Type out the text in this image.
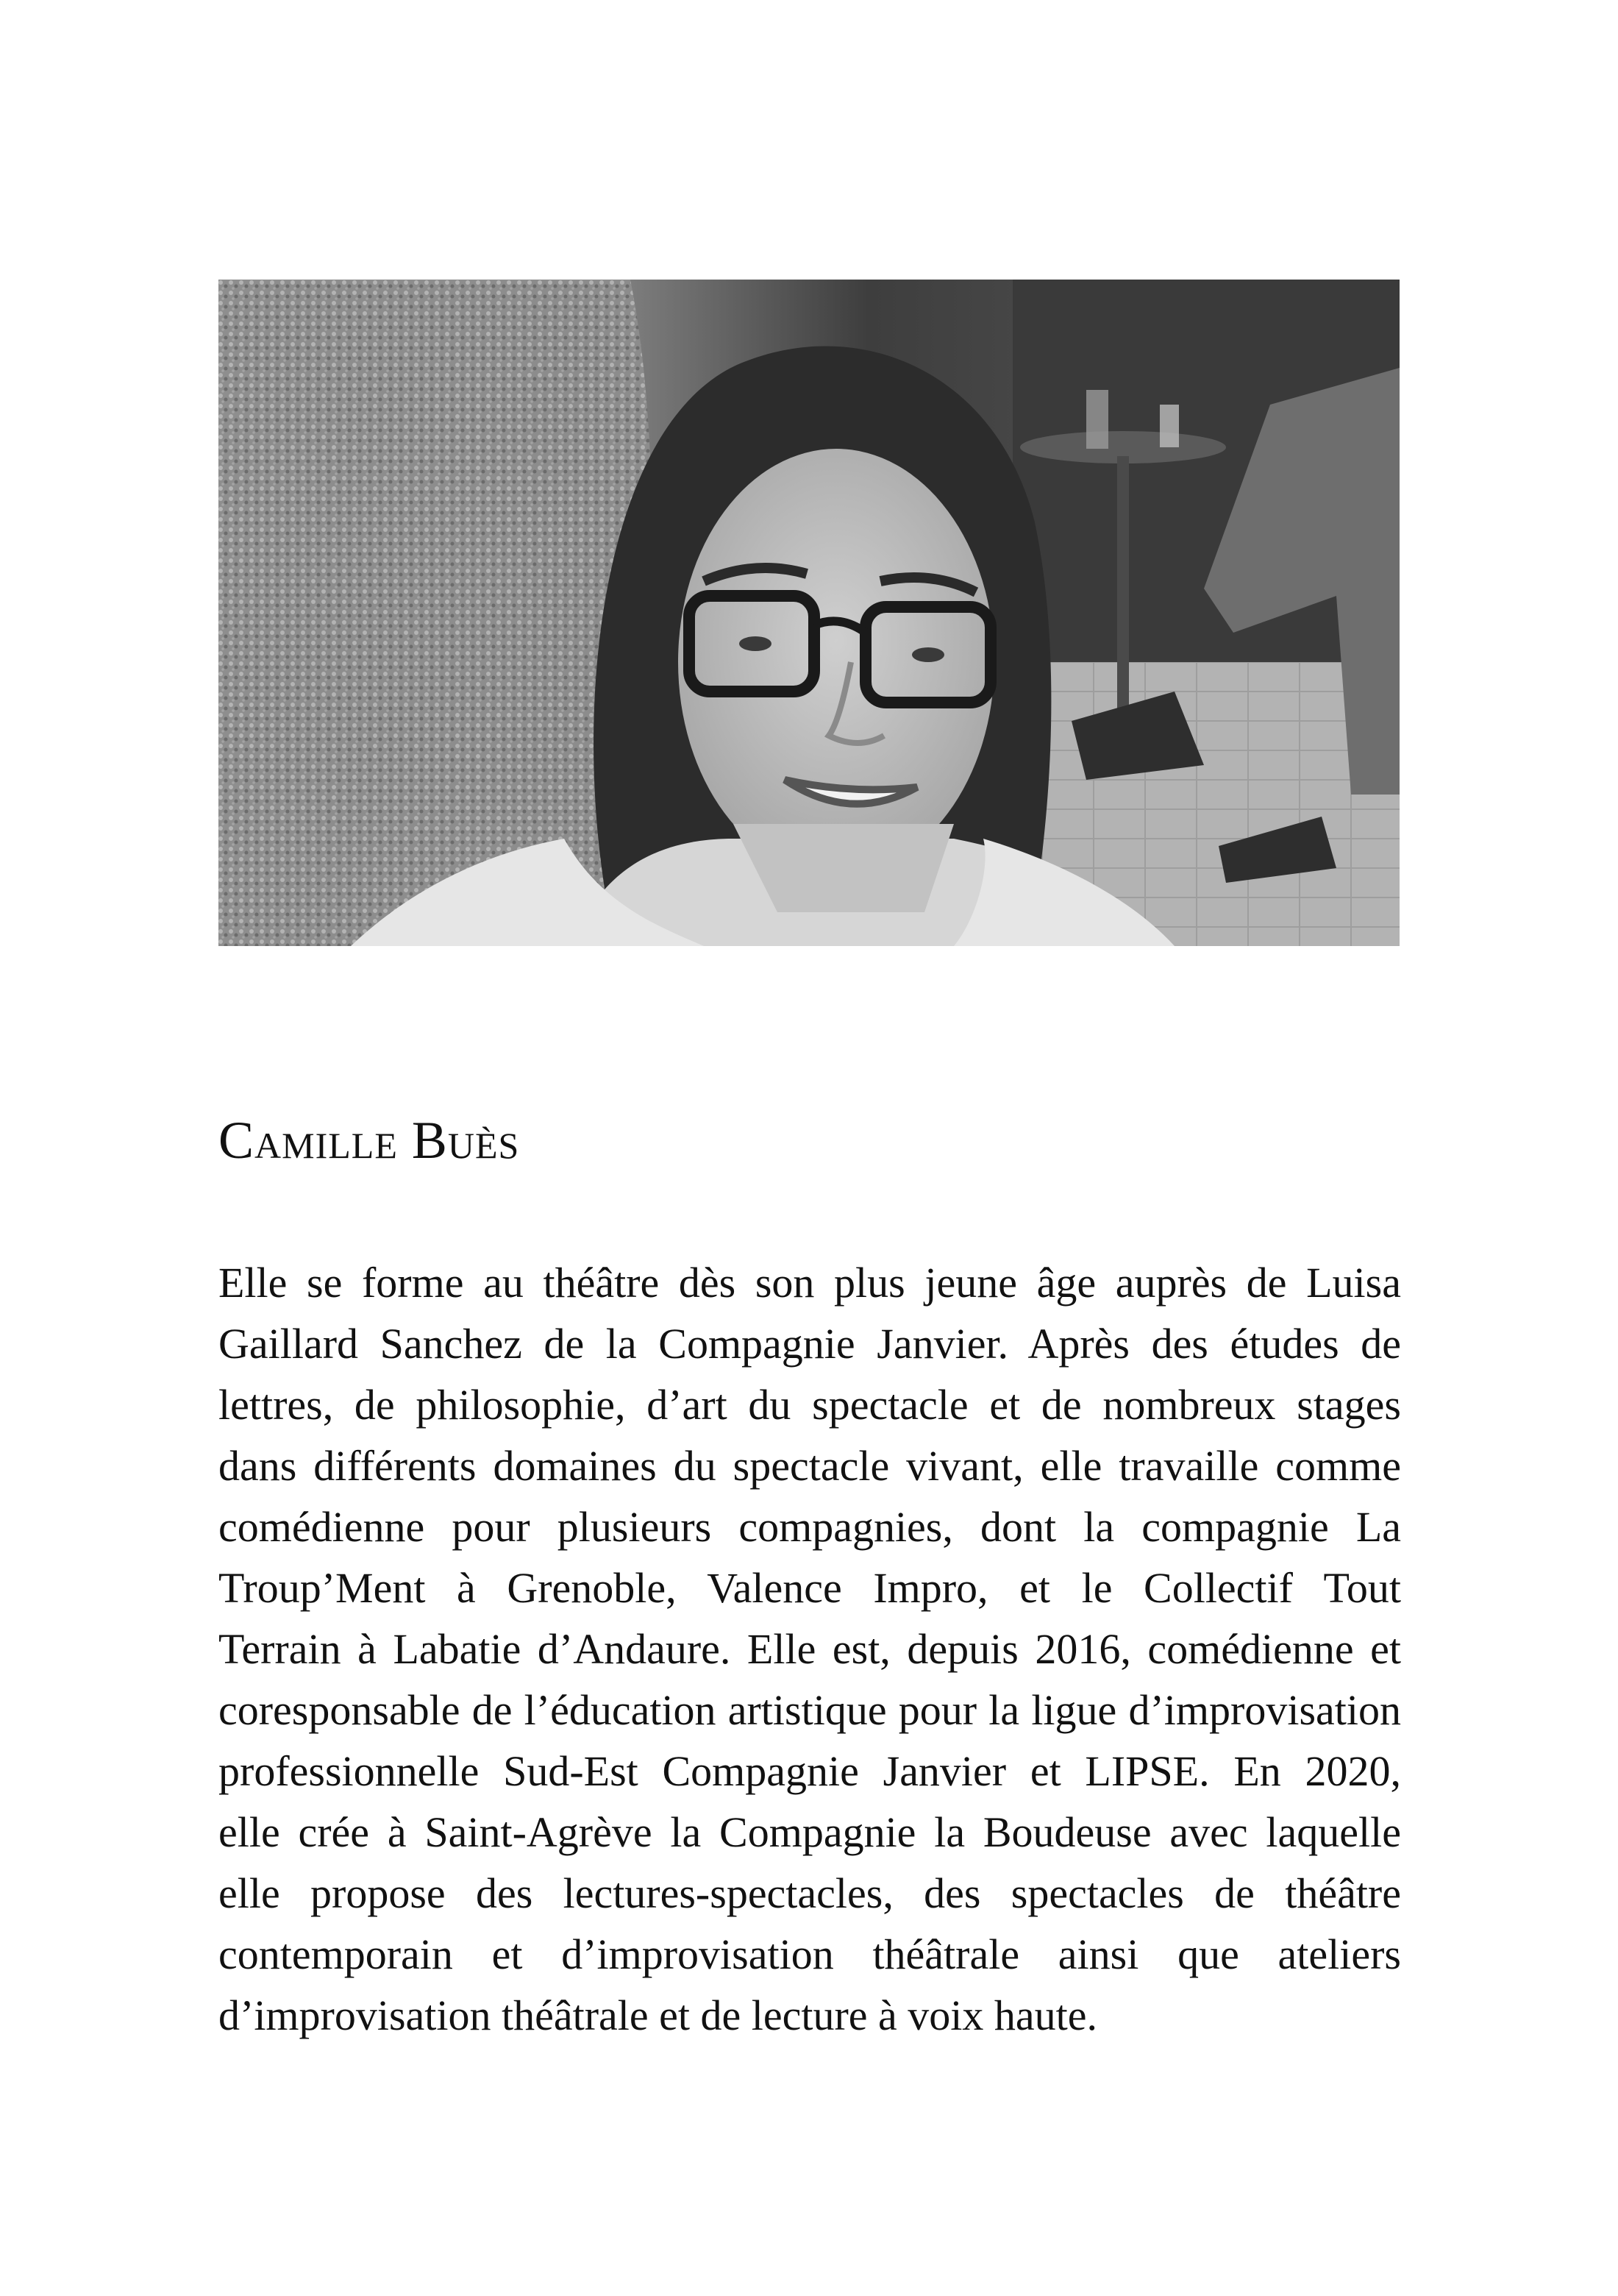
Camille Buès

Elle se forme au théâtre dès son plus jeune âge auprès de Luisa
Gaillard Sanchez de la Compagnie Janvier. Après des études de
lettres, de philosophie, d’art du spectacle et de nombreux stages
dans différents domaines du spectacle vivant, elle travaille comme
comédienne pour plusieurs compagnies, dont la compagnie La
Troup’Ment à Grenoble, Valence Impro, et le Collectif Tout
Terrain à Labatie d’Andaure. Elle est, depuis 2016, comédienne et
coresponsable de l’éducation artistique pour la ligue d’improvisation
professionnelle Sud-Est Compagnie Janvier et LIPSE. En 2020,
elle crée à Saint-Agrève la Compagnie la Boudeuse avec laquelle
elle propose des lectures-spectacles, des spectacles de théâtre
contemporain et d’improvisation théâtrale ainsi que ateliers
d’improvisation théâtrale et de lecture à voix haute.
